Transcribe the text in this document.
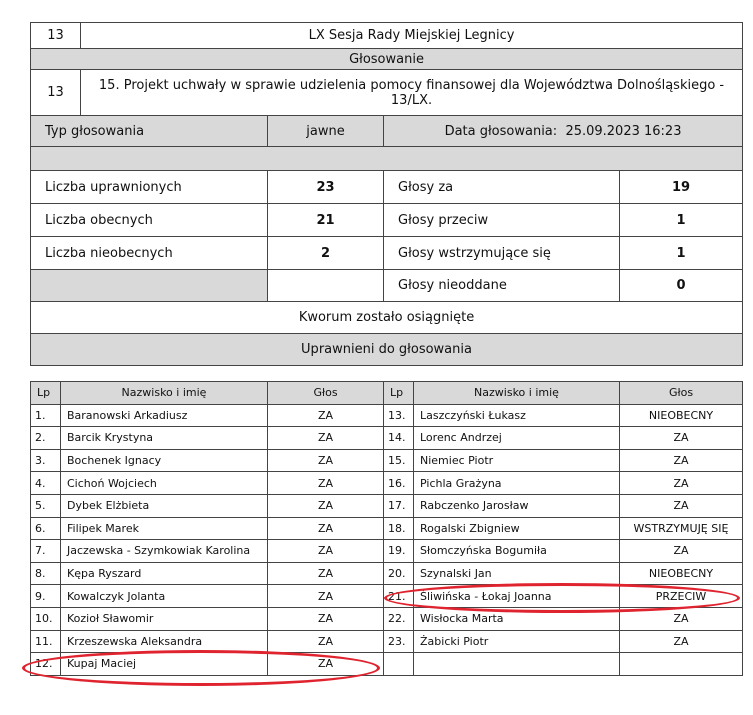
13	LX Sesja Rady Miejskiej Legnicy			
Głosowanie				
13	15. Projekt uchwały w sprawie udzielenia pomocy finansowej dla Województwa Dolnośląskiego - 13/LX.			
Typ głosowania		jawne	Data głosowania: 25.09.2023 16:23	

Liczba uprawnionych		23	Głosy za	19
Liczba obecnych		21	Głosy przeciw	1
Liczba nieobecnych		2	Głosy wstrzymujące się	1
			Głosy nieoddane	0
Kworum zostało osiągnięte				
Uprawnieni do głosowania				
Lp	Nazwisko i imię	Głos	Lp	Nazwisko i imię	Głos
1.	Baranowski Arkadiusz	ZA	13.	Laszczyński Łukasz	NIEOBECNY
2.	Barcik Krystyna	ZA	14.	Lorenc Andrzej	ZA
3.	Bochenek Ignacy	ZA	15.	Niemiec Piotr	ZA
4.	Cichoń Wojciech	ZA	16.	Pichla Grażyna	ZA
5.	Dybek Elżbieta	ZA	17.	Rabczenko Jarosław	ZA
6.	Filipek Marek	ZA	18.	Rogalski Zbigniew	WSTRZYMUJĘ SIĘ
7.	Jaczewska - Szymkowiak Karolina	ZA	19.	Słomczyńska Bogumiła	ZA
8.	Kępa Ryszard	ZA	20.	Szynalski Jan	NIEOBECNY
9.	Kowalczyk Jolanta	ZA	21.	Śliwińska - Łokaj Joanna	PRZECIW
10.	Kozioł Sławomir	ZA	22.	Wisłocka Marta	ZA
11.	Krzeszewska Aleksandra	ZA	23.	Żabicki Piotr	ZA
12.	Kupaj Maciej	ZA			
